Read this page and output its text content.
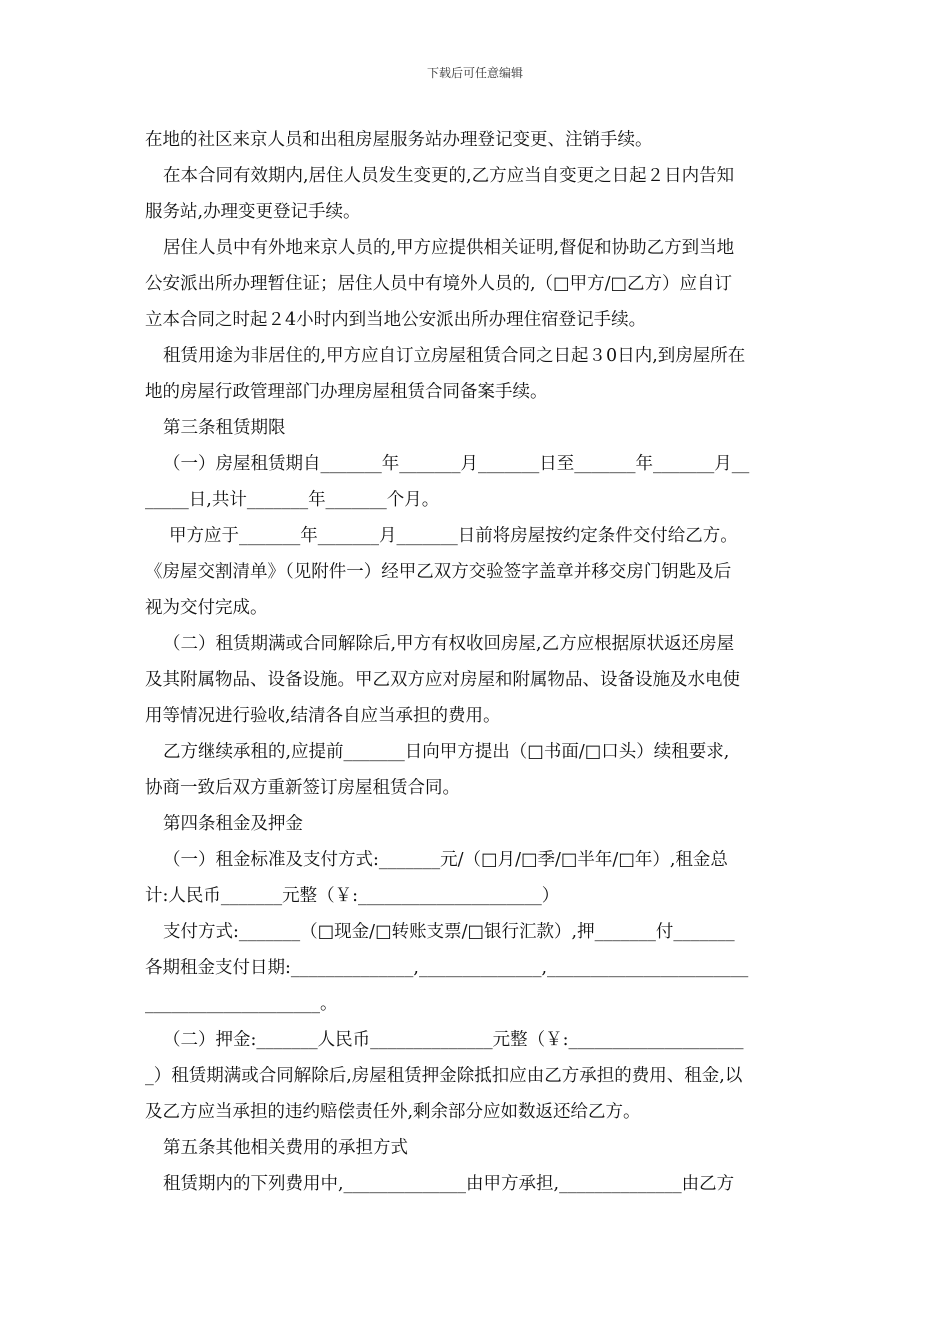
下载后可任意编辑
在地的社区来京人员和出租房屋服务站办理登记变更、注销手续。
在本合同有效期内,居住人员发生变更的,乙方应当自变更之日起２日内告知
服务站,办理变更登记手续。
居住人员中有外地来京人员的,甲方应提供相关证明,督促和协助乙方到当地
公安派出所办理暂住证；居住人员中有境外人员的,（□甲方/□乙方）应自订
立本合同之时起２4小时内到当地公安派出所办理住宿登记手续。
租赁用途为非居住的,甲方应自订立房屋租赁合同之日起３0日内,到房屋所在
地的房屋行政管理部门办理房屋租赁合同备案手续。
第三条租赁期限
（一）房屋租赁期自_______年_______月_______日至_______年_______月__
_____日,共计_______年_______个月。
甲方应于_______年_______月_______日前将房屋按约定条件交付给乙方。
《房屋交割清单》（见附件一）经甲乙双方交验签字盖章并移交房门钥匙及后
视为交付完成。
（二）租赁期满或合同解除后,甲方有权收回房屋,乙方应根据原状返还房屋
及其附属物品、设备设施。甲乙双方应对房屋和附属物品、设备设施及水电使
用等情况进行验收,结清各自应当承担的费用。
乙方继续承租的,应提前_______日向甲方提出（□书面/□口头）续租要求,
协商一致后双方重新签订房屋租赁合同。
第四条租金及押金
（一）租金标准及支付方式:_______元/（□月/□季/□半年/□年）,租金总
计:人民币_______元整（￥:_____________________）
支付方式:_______（□现金/□转账支票/□银行汇款）,押_______付_______
各期租金支付日期:______________,______________,_______________________
____________________。
（二）押金:_______人民币______________元整（￥:____________________
_）租赁期满或合同解除后,房屋租赁押金除抵扣应由乙方承担的费用、租金,以
及乙方应当承担的违约赔偿责任外,剩余部分应如数返还给乙方。
第五条其他相关费用的承担方式
租赁期内的下列费用中,______________由甲方承担,______________由乙方
